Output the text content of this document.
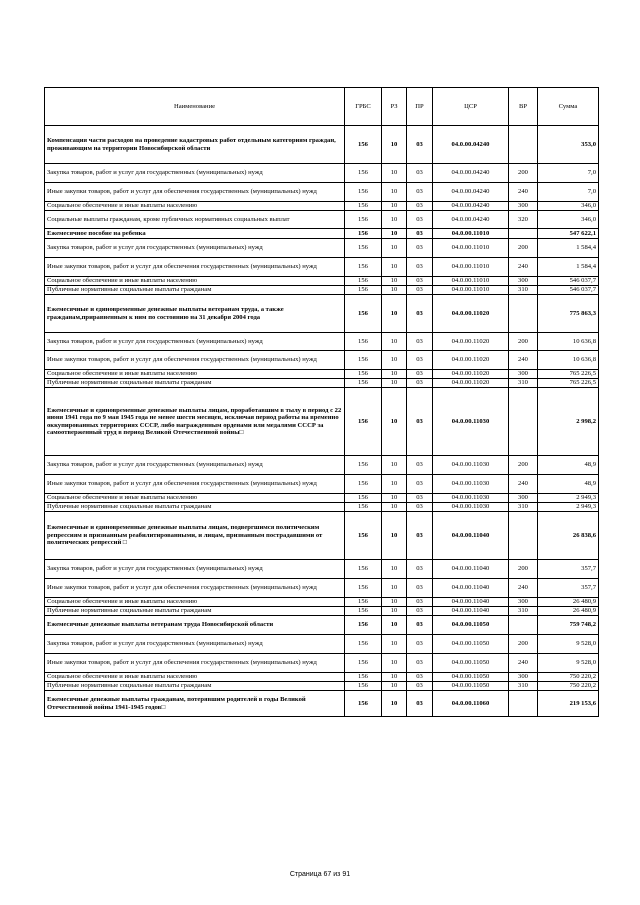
Наименование	ГРБС	РЗ	ПР	ЦСР	ВР	Сумма
Компенсация части расходов на проведение кадастровых работ отдельным категориям граждан, проживающим на территории Новосибирской области	156	10	03	04.0.00.04240		353,0
Закупка товаров, работ и услуг для государственных (муниципальных) нужд	156	10	03	04.0.00.04240	200	7,0
Иные закупки товаров, работ и услуг для обеспечения государственных (муниципальных) нужд	156	10	03	04.0.00.04240	240	7,0
Социальное обеспечение и иные выплаты населению	156	10	03	04.0.00.04240	300	346,0
Социальные выплаты гражданам, кроме публичных нормативных социальных выплат	156	10	03	04.0.00.04240	320	346,0
Ежемесячное пособие на ребенка	156	10	03	04.0.00.11010		547 622,1
Закупка товаров, работ и услуг для государственных (муниципальных) нужд	156	10	03	04.0.00.11010	200	1 584,4
Иные закупки товаров, работ и услуг для обеспечения государственных (муниципальных) нужд	156	10	03	04.0.00.11010	240	1 584,4
Социальное обеспечение и иные выплаты населению	156	10	03	04.0.00.11010	300	546 037,7
Публичные нормативные социальные выплаты гражданам	156	10	03	04.0.00.11010	310	546 037,7
Ежемесячные и единовременные денежные выплаты ветеранам труда, а также гражданам,приравненным к ним по состоянию на 31 декабря 2004 года	156	10	03	04.0.00.11020		775 863,3
Закупка товаров, работ и услуг для государственных (муниципальных) нужд	156	10	03	04.0.00.11020	200	10 636,8
Иные закупки товаров, работ и услуг для обеспечения государственных (муниципальных) нужд	156	10	03	04.0.00.11020	240	10 636,8
Социальное обеспечение и иные выплаты населению	156	10	03	04.0.00.11020	300	765 226,5
Публичные нормативные социальные выплаты гражданам	156	10	03	04.0.00.11020	310	765 226,5
Ежемесячные и единовременные денежные выплаты лицам, проработавшим в тылу в период с 22 июня 1941 года по 9 мая 1945 года не менее шести месяцев, исключая период работы на временно оккупированных территориях СССР, либо награжденным орденами или медалями СССР за самоотверженный труд в период Великой Отечественной войны□	156	10	03	04.0.00.11030		2 998,2
Закупка товаров, работ и услуг для государственных (муниципальных) нужд	156	10	03	04.0.00.11030	200	48,9
Иные закупки товаров, работ и услуг для обеспечения государственных (муниципальных) нужд	156	10	03	04.0.00.11030	240	48,9
Социальное обеспечение и иные выплаты населению	156	10	03	04.0.00.11030	300	2 949,3
Публичные нормативные социальные выплаты гражданам	156	10	03	04.0.00.11030	310	2 949,3
Ежемесячные и единовременные денежные выплаты лицам, подвергшимся политическим репрессиям и признанным реабилитированными, и лицам, признанным пострадавшими от политических репрессий □	156	10	03	04.0.00.11040		26 838,6
Закупка товаров, работ и услуг для государственных (муниципальных) нужд	156	10	03	04.0.00.11040	200	357,7
Иные закупки товаров, работ и услуг для обеспечения государственных (муниципальных) нужд	156	10	03	04.0.00.11040	240	357,7
Социальное обеспечение и иные выплаты населению	156	10	03	04.0.00.11040	300	26 480,9
Публичные нормативные социальные выплаты гражданам	156	10	03	04.0.00.11040	310	26 480,9
Ежемесячные денежные выплаты ветеранам труда Новосибирской области	156	10	03	04.0.00.11050		759 748,2
Закупка товаров, работ и услуг для государственных (муниципальных) нужд	156	10	03	04.0.00.11050	200	9 528,0
Иные закупки товаров, работ и услуг для обеспечения государственных (муниципальных) нужд	156	10	03	04.0.00.11050	240	9 528,0
Социальное обеспечение и иные выплаты населению	156	10	03	04.0.00.11050	300	750 220,2
Публичные нормативные социальные выплаты гражданам	156	10	03	04.0.00.11050	310	750 220,2
Ежемесячные денежные выплаты гражданам, потерявшим родителей в годы Великой Отечественной войны 1941-1945 годов□	156	10	03	04.0.00.11060		219 153,6
Страница 67 из 91
